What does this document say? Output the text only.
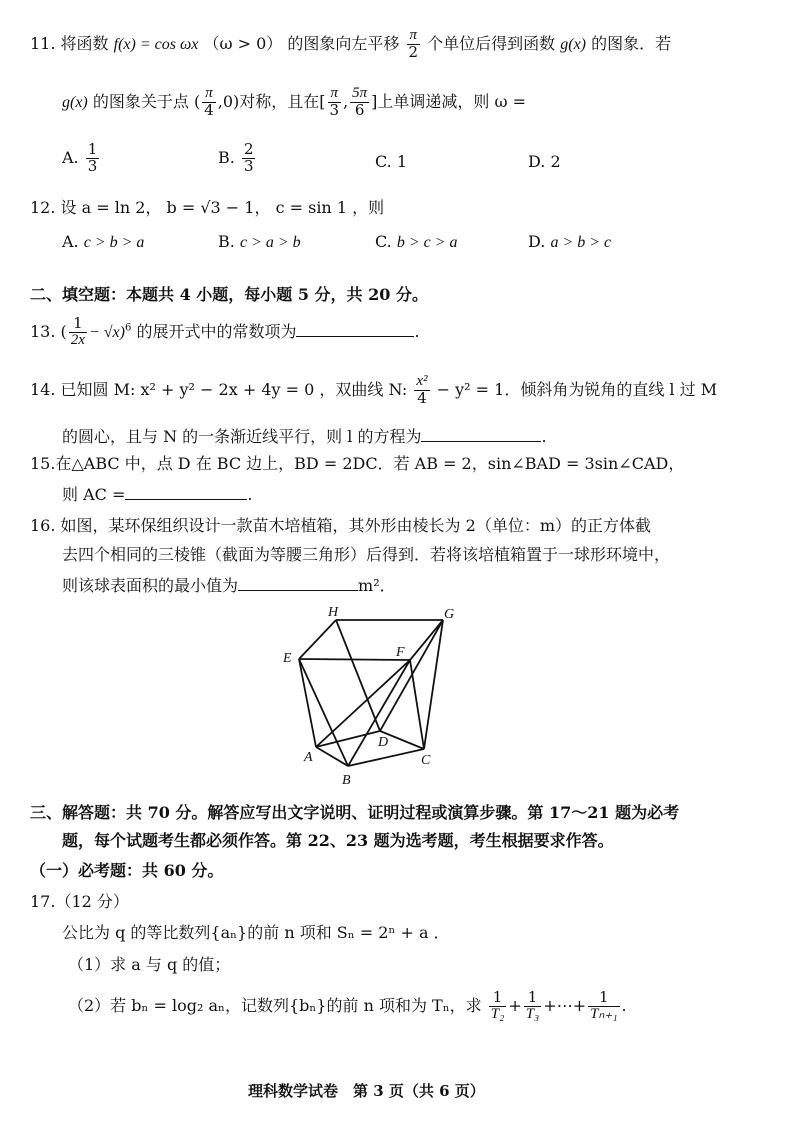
11. 将函数 f(x) = cos ωx （ω > 0） 的图象向左平移 $\frac{\pi}{2}$ 个单位后得到函数 g(x) 的图象．若
g(x) 的图象关于点 ( $\frac{\pi}{4} ,0$)对称，且在[ $\frac{\pi}{3}$ , $\frac{5\pi}{6}$ ]上单调递减，则 ω =
A. $\frac{1}{3}$	B. $\frac{2}{3}$	C. 1	D. 2
12. 设 a = ln 2， b = √3 − 1， c = sin 1 ，则
A. c > b > a	B. c > a > b	C. b > c > a	D. a > b > c
二、填空题：本题共 4 小题，每小题 5 分，共 20 分。
13. ( $\frac{1}{2x} - √x)^6$ 的展开式中的常数项为	.
14. 已知圆 M: x² + y² − 2x + 4y = 0 ，双曲线 N: $\frac{\text{x²}}{4} - y^2 = 1$．倾斜角为锐角的直线 l 过 M
的圆心，且与 N 的一条渐近线平行，则 l 的方程为	.
15.在△ABC 中，点 D 在 BC 边上，BD = 2DC．若 AB = 2，sin∠BAD = 3sin∠CAD，
则 AC =	.
16. 如图，某环保组织设计一款苗木培植箱，其外形由棱长为 2（单位：m）的正方体截
去四个相同的三棱锥（截面为等腰三角形）后得到．若将该培植箱置于一球形环境中，
则该球表面积的最小值为	m²．
H	G
E	F
D
A
B
C
三、解答题：共 70 分。解答应写出文字说明、证明过程或演算步骤。第 17～21 题为必考
题，每个试题考生都必须作答。第 22、23 题为选考题，考生根据要求作答。
（一）必考题：共 60 分。
17.（12 分）
公比为 q 的等比数列{aₙ}的前 n 项和 Sₙ = 2ⁿ + a ．
（1）求 a 与 q 的值；
（2）若 bₙ = log₂ aₙ，记数列{bₙ}的前 n 项和为 Tₙ，求 $\frac{1}{\text{T₂}} + \frac{1}{\text{T₃}}$ +⋯+ $\frac{1}{\text{Tₙ₊₁}}$ .
理科数学试卷　第 3 页（共 6 页）
